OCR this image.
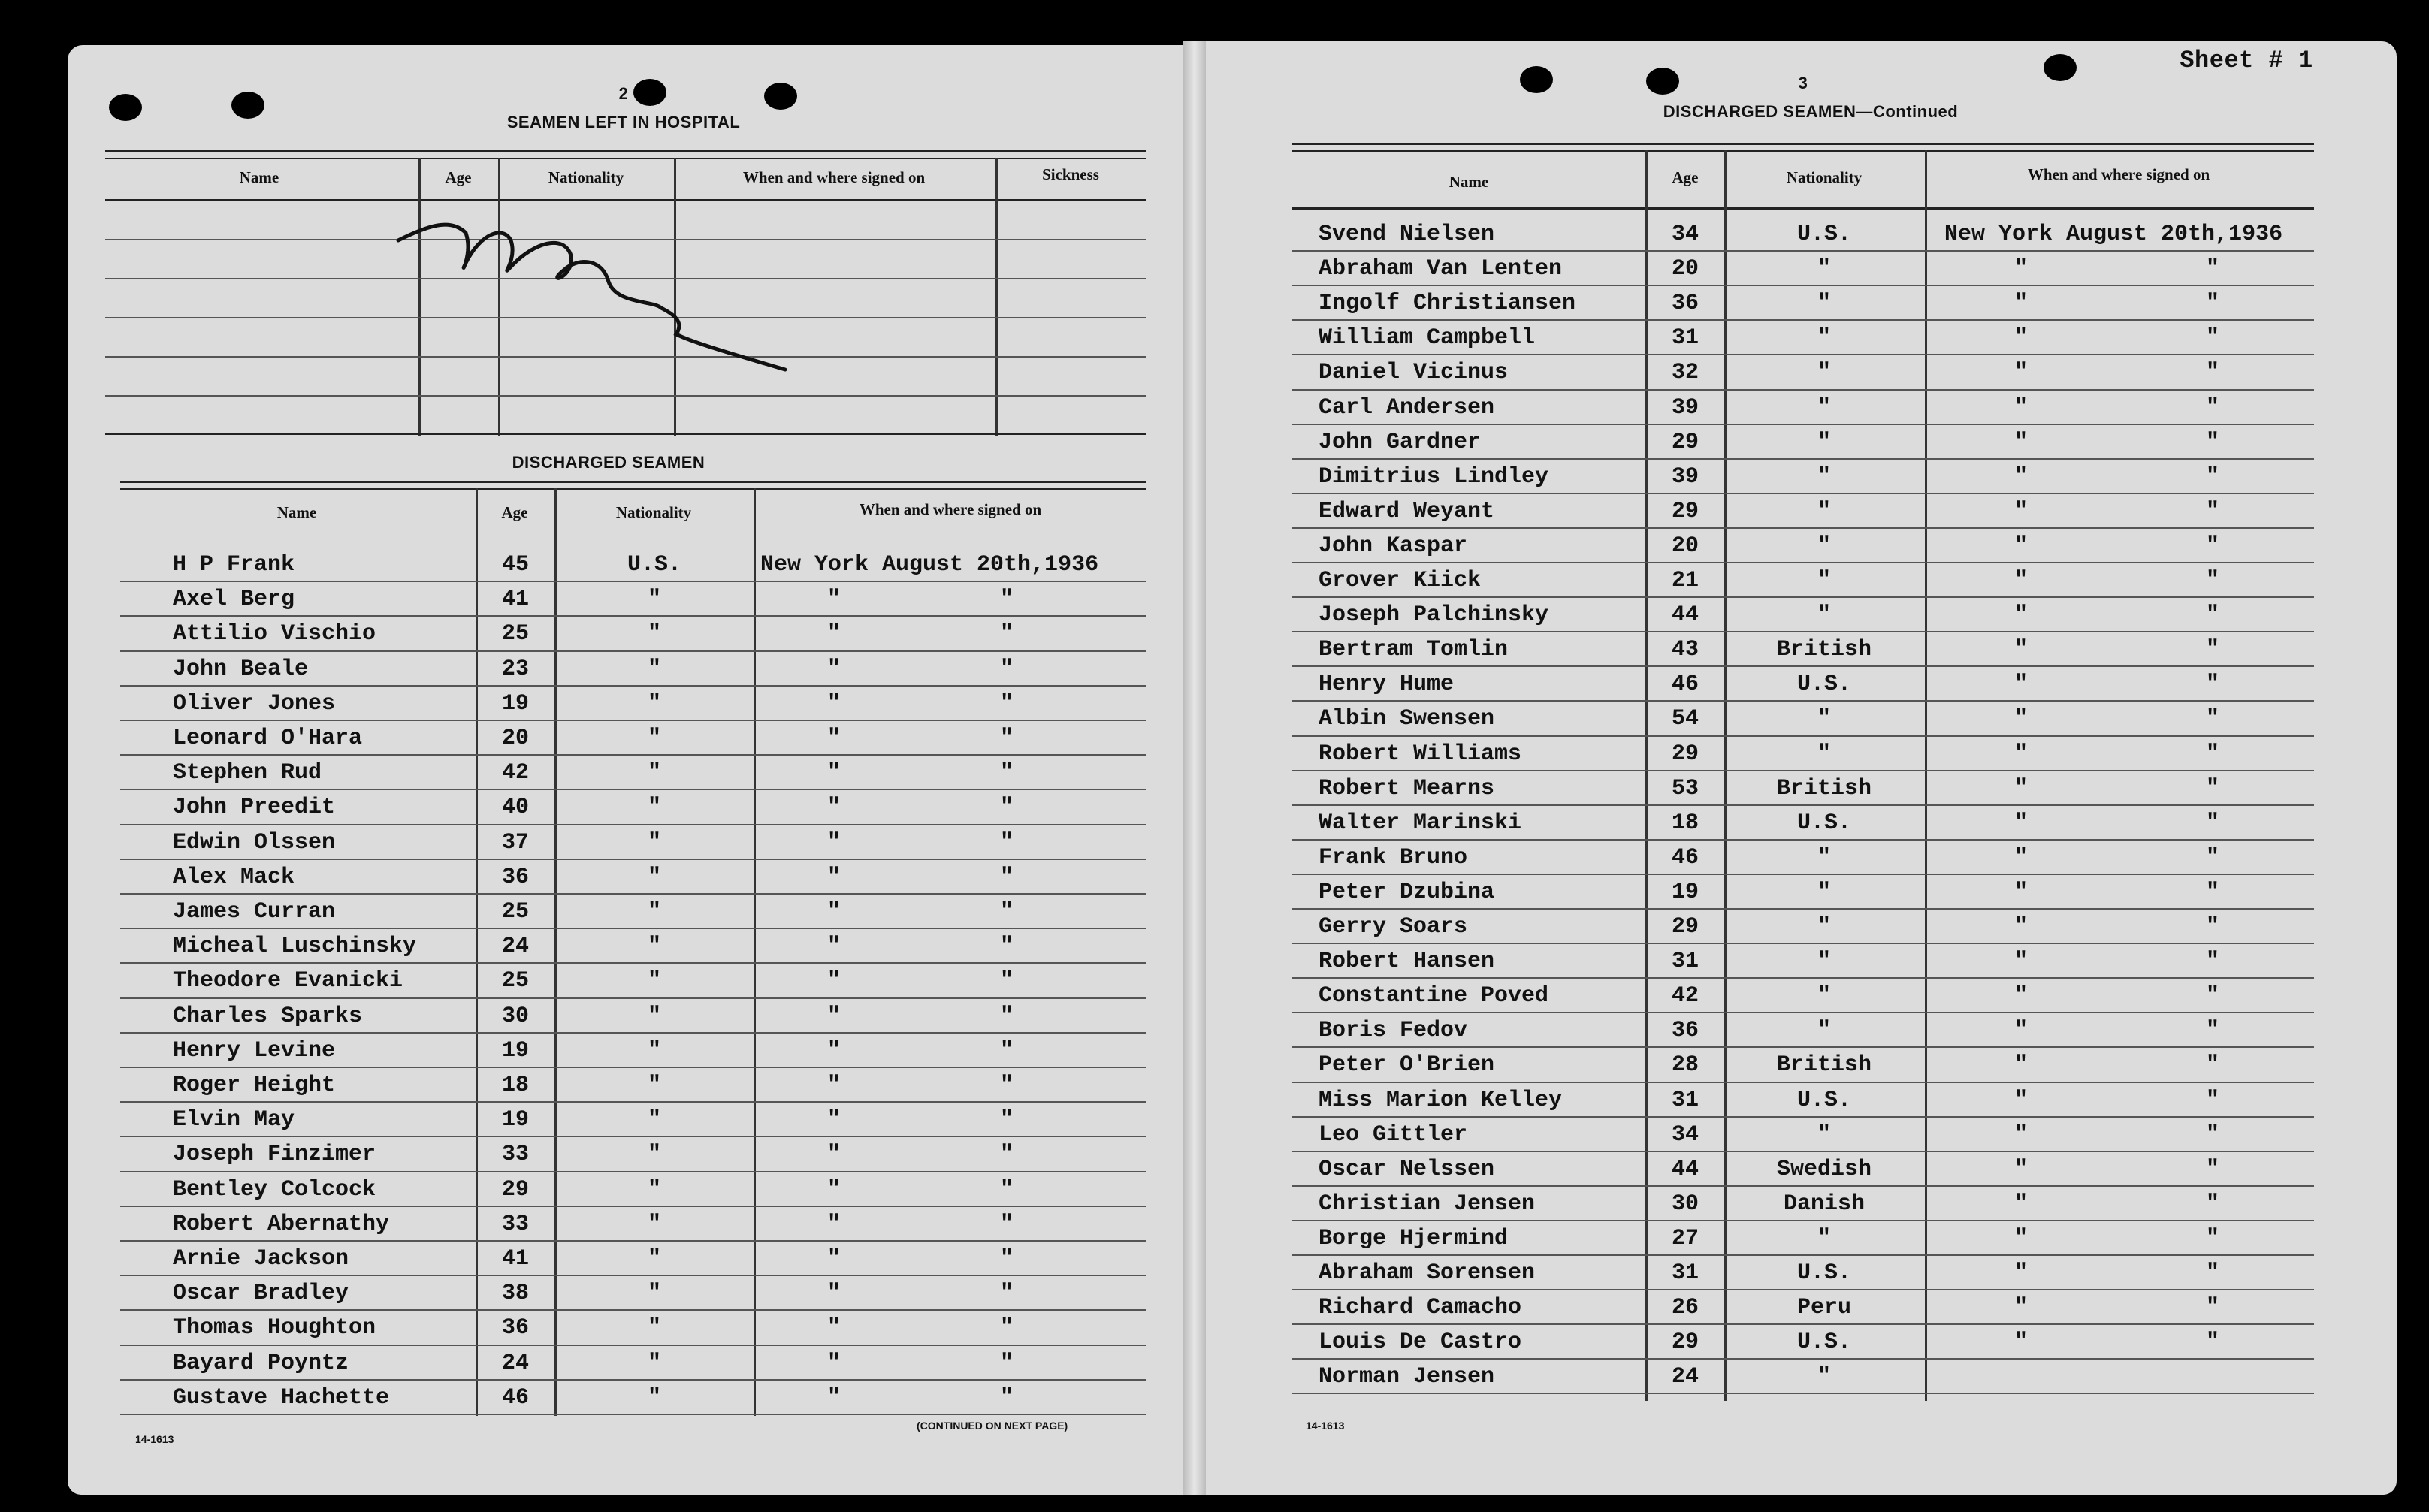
2
SEAMEN LEFT IN HOSPITAL
Name	Age	Nationality	When and where signed on	Sickness
DISCHARGED SEAMEN
Name	Age	Nationality	When and where signed on
H P Frank	45	U.S.	New York August 20th,1936
Axel Berg	41	"	"	"
Attilio Vischio	25	"	"	"
John Beale	23	"	"	"
Oliver Jones	19	"	"	"
Leonard O'Hara	20	"	"	"
Stephen Rud	42	"	"	"
John Preedit	40	"	"	"
Edwin Olssen	37	"	"	"
Alex Mack	36	"	"	"
James Curran	25	"	"	"
Micheal Luschinsky	24	"	"	"
Theodore Evanicki	25	"	"	"
Charles Sparks	30	"	"	"
Henry Levine	19	"	"	"
Roger Height	18	"	"	"
Elvin May	19	"	"	"
Joseph Finzimer	33	"	"	"
Bentley Colcock	29	"	"	"
Robert Abernathy	33	"	"	"
Arnie Jackson	41	"	"	"
Oscar Bradley	38	"	"	"
Thomas Houghton	36	"	"	"
Bayard Poyntz	24	"	"	"
Gustave Hachette	46	"	"	"
14-1613
(CONTINUED ON NEXT PAGE)
3
Sheet # 1
DISCHARGED SEAMEN—Continued
Name	Age	Nationality	When and where signed on
Svend Nielsen	34	U.S.	New York August 20th,1936
Abraham Van Lenten	20	"	"	"
Ingolf Christiansen	36	"	"	"
William Campbell	31	"	"	"
Daniel Vicinus	32	"	"	"
Carl Andersen	39	"	"	"
John Gardner	29	"	"	"
Dimitrius Lindley	39	"	"	"
Edward Weyant	29	"	"	"
John Kaspar	20	"	"	"
Grover Kiick	21	"	"	"
Joseph Palchinsky	44	"	"	"
Bertram Tomlin	43	British	"	"
Henry Hume	46	U.S.	"	"
Albin Swensen	54	"	"	"
Robert Williams	29	"	"	"
Robert Mearns	53	British	"	"
Walter Marinski	18	U.S.	"	"
Frank Bruno	46	"	"	"
Peter Dzubina	19	"	"	"
Gerry Soars	29	"	"	"
Robert Hansen	31	"	"	"
Constantine Poved	42	"	"	"
Boris Fedov	36	"	"	"
Peter O'Brien	28	British	"	"
Miss Marion Kelley	31	U.S.	"	"
Leo Gittler	34	"	"	"
Oscar Nelssen	44	Swedish	"	"
Christian Jensen	30	Danish	"	"
Borge Hjermind	27	"	"	"
Abraham Sorensen	31	U.S.	"	"
Richard Camacho	26	Peru	"	"
Louis De Castro	29	U.S.	"	"
Norman Jensen	24	"
14-1613
